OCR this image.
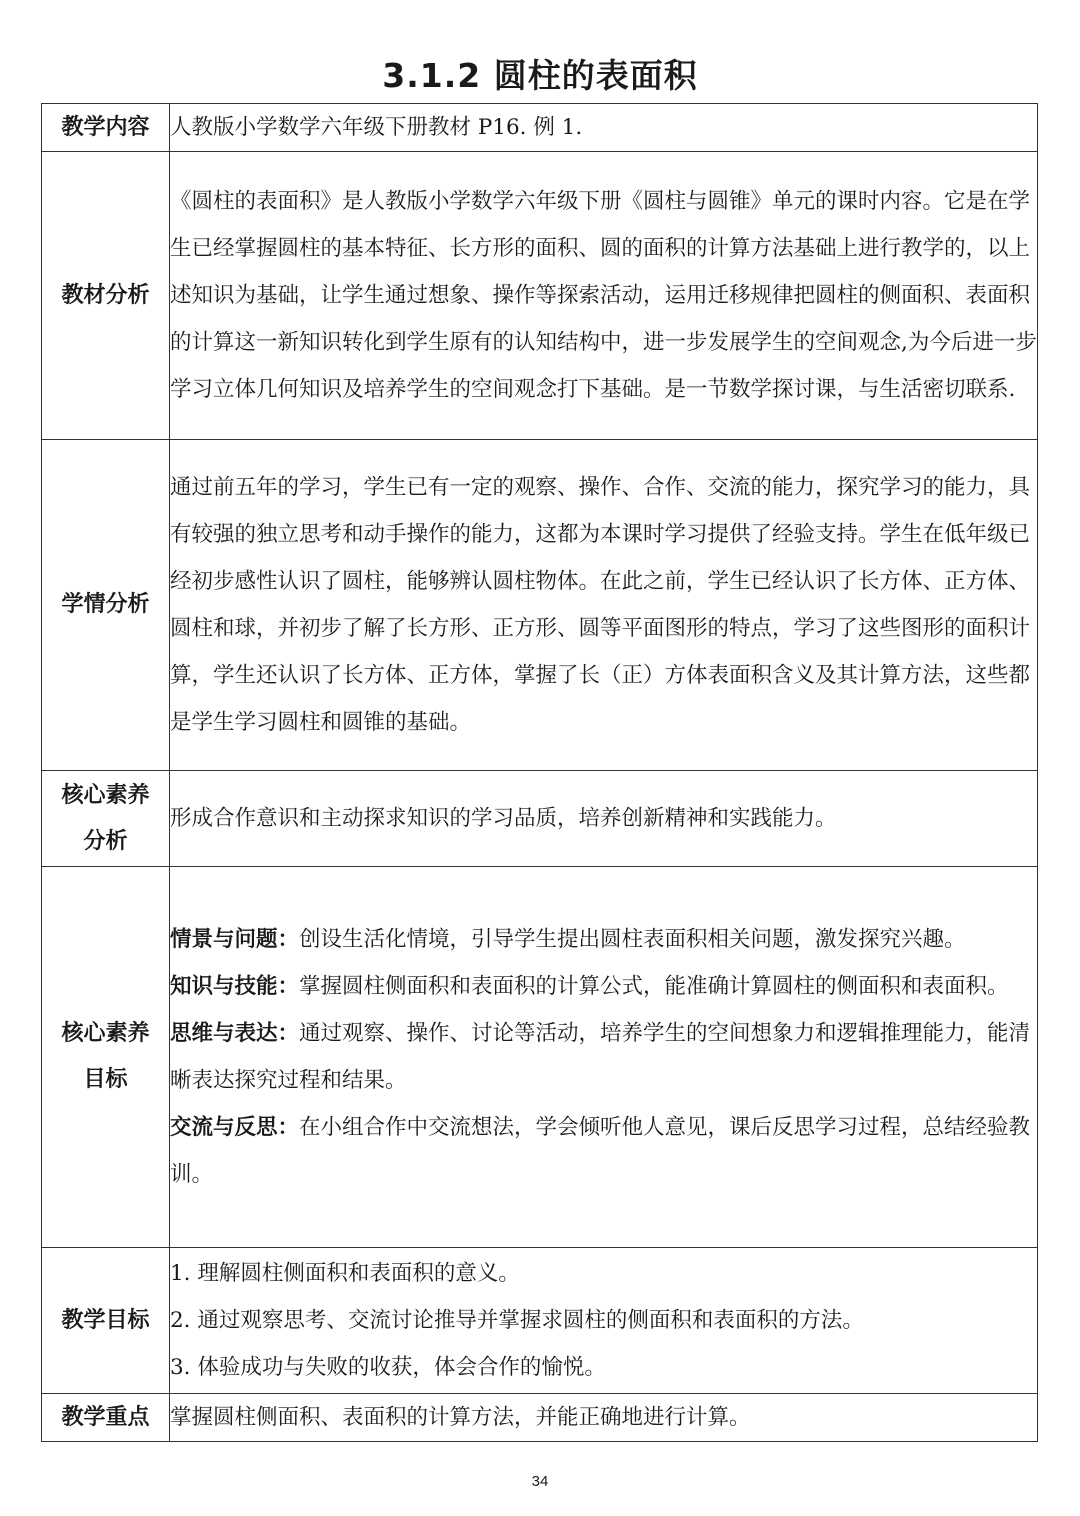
3.1.2 圆柱的表面积
教学内容	人教版小学数学六年级下册教材 P16. 例 1.
教材分析	《圆柱的表面积》是人教版小学数学六年级下册《圆柱与圆锥》单元的课时内容。它是在学生已经掌握圆柱的基本特征、长方形的面积、圆的面积的计算方法基础上进行教学的，以上述知识为基础，让学生通过想象、操作等探索活动，运用迁移规律把圆柱的侧面积、表面积的计算这一新知识转化到学生原有的认知结构中，进一步发展学生的空间观念,为今后进一步学习立体几何知识及培养学生的空间观念打下基础。是一节数学探讨课，与生活密切联系.
学情分析	通过前五年的学习，学生已有一定的观察、操作、合作、交流的能力，探究学习的能力，具有较强的独立思考和动手操作的能力，这都为本课时学习提供了经验支持。学生在低年级已经初步感性认识了圆柱，能够辨认圆柱物体。在此之前，学生已经认识了长方体、正方体、圆柱和球，并初步了解了长方形、正方形、圆等平面图形的特点，学习了这些图形的面积计算，学生还认识了长方体、正方体，掌握了长（正）方体表面积含义及其计算方法，这些都是学生学习圆柱和圆锥的基础。
核心素养分析	形成合作意识和主动探求知识的学习品质，培养创新精神和实践能力。
核心素养目标	情景与问题：创设生活化情境，引导学生提出圆柱表面积相关问题，激发探究兴趣。
知识与技能：掌握圆柱侧面积和表面积的计算公式，能准确计算圆柱的侧面积和表面积。
思维与表达：通过观察、操作、讨论等活动，培养学生的空间想象力和逻辑推理能力，能清晰表达探究过程和结果。
交流与反思：在小组合作中交流想法，学会倾听他人意见，课后反思学习过程，总结经验教训。

教学目标	1. 理解圆柱侧面积和表面积的意义。
2. 通过观察思考、交流讨论推导并掌握求圆柱的侧面积和表面积的方法。
3. 体验成功与失败的收获，体会合作的愉悦。

教学重点	掌握圆柱侧面积、表面积的计算方法，并能正确地进行计算。
34
